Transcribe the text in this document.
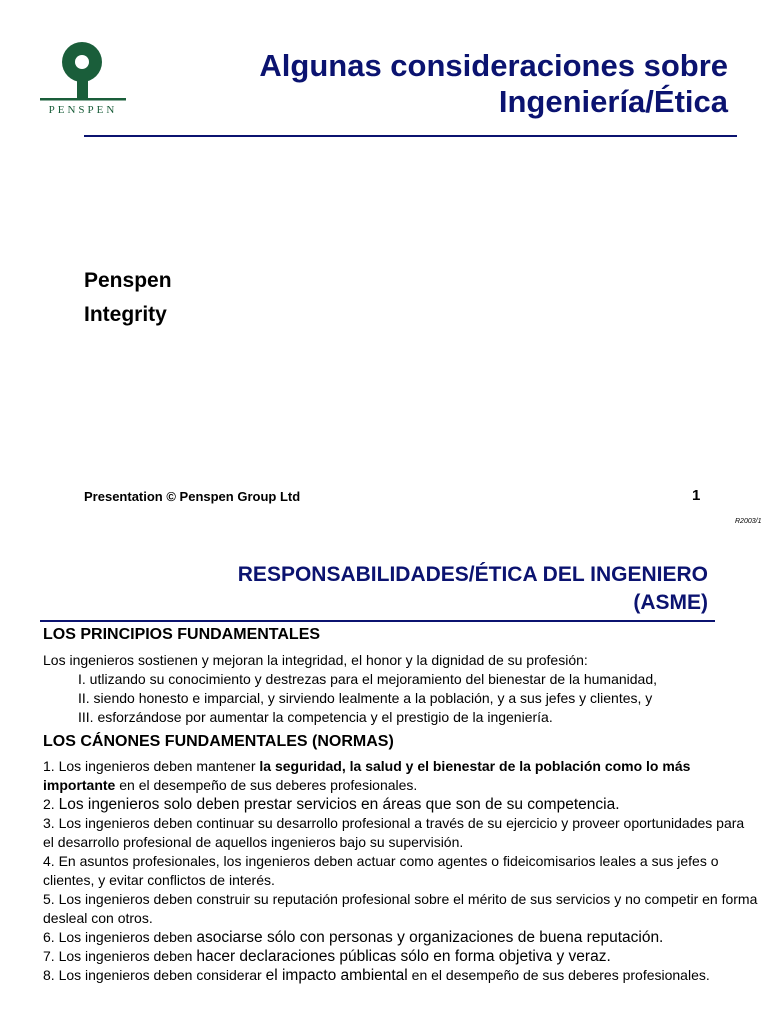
PENSPEN
Algunas consideraciones sobre
Ingeniería/Ética
Penspen
Integrity
Presentation © Penspen Group Ltd	1
R2003/1
RESPONSABILIDADES/ÉTICA DEL INGENIERO
(ASME)
LOS PRINCIPIOS FUNDAMENTALES
Los ingenieros sostienen y mejoran la integridad, el honor y la dignidad de su profesión:
I. utlizando su conocimiento y destrezas para el mejoramiento del bienestar de la humanidad,
II. siendo honesto e imparcial, y sirviendo lealmente a la población, y a sus jefes y clientes, y
III. esforzándose por aumentar la competencia y el prestigio de la ingeniería.
LOS CÁNONES FUNDAMENTALES (NORMAS)
1. Los ingenieros deben mantener la seguridad, la salud y el bienestar de la población como lo más importante en el desempeño de sus deberes profesionales.
2. Los ingenieros solo deben prestar servicios en áreas que son de su competencia.
3. Los ingenieros deben continuar su desarrollo profesional a través de su ejercicio y proveer oportunidades para el desarrollo profesional de aquellos ingenieros bajo su supervisión.
4. En asuntos profesionales, los ingenieros deben actuar como agentes o fideicomisarios leales a sus jefes o clientes, y evitar conflictos de interés.
5. Los ingenieros deben construir su reputación profesional sobre el mérito de sus servicios y no competir en forma desleal con otros.
6. Los ingenieros deben asociarse sólo con personas y organizaciones de buena reputación.
7. Los ingenieros deben hacer declaraciones públicas sólo en forma objetiva y veraz.
8. Los ingenieros deben considerar el impacto ambiental en el desempeño de sus deberes profesionales.
